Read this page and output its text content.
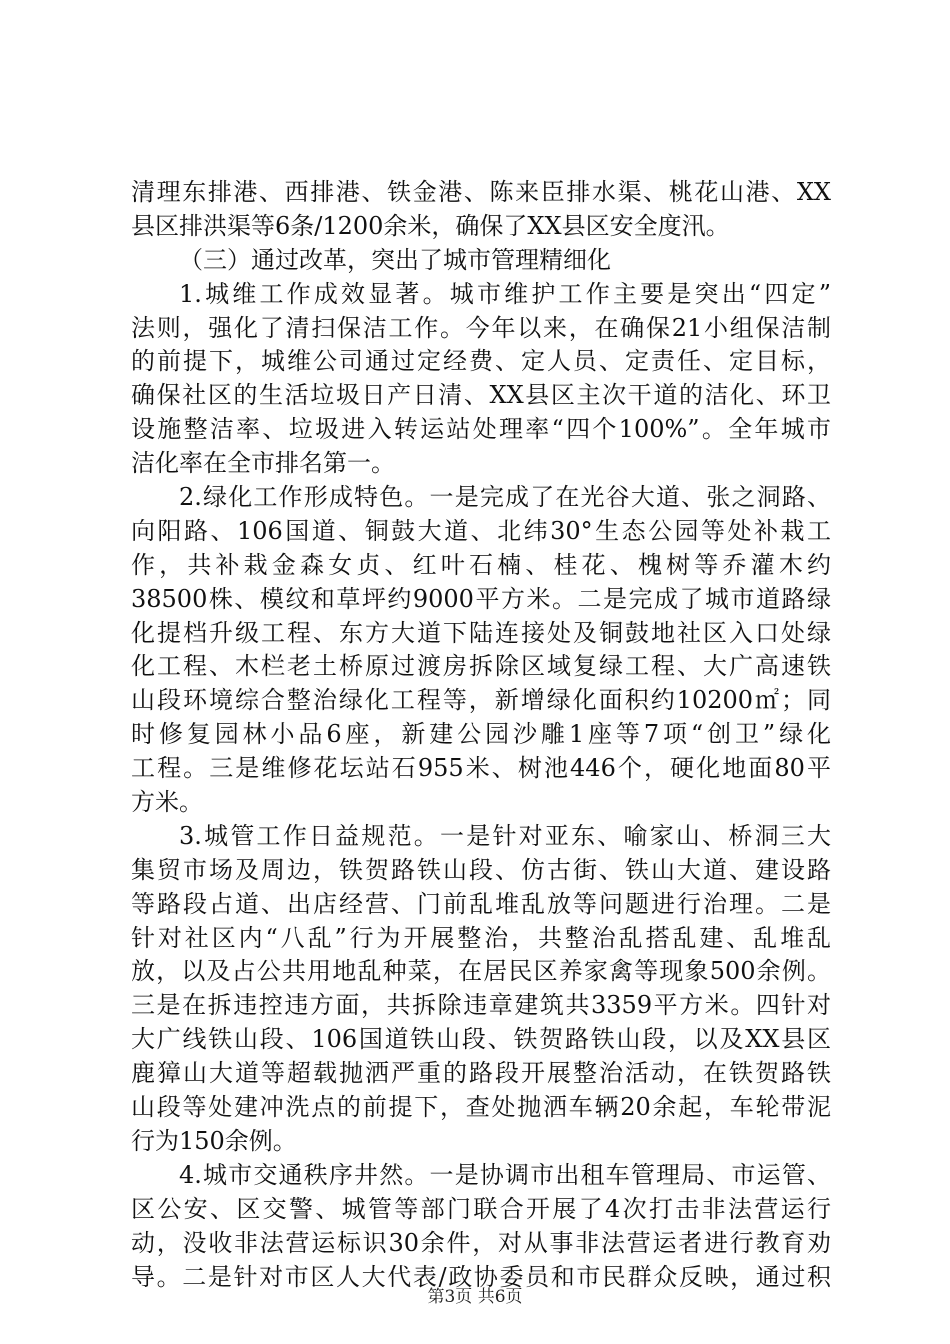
清理东排港、西排港、铁金港、陈来臣排水渠、桃花山港、XX
县区排洪渠等6条/1200余米，确保了XX县区安全度汛。
（三）通过改革，突出了城市管理精细化
1.城维工作成效显著。城市维护工作主要是突出“四定”
法则，强化了清扫保洁工作。今年以来，在确保21小组保洁制
的前提下，城维公司通过定经费、定人员、定责任、定目标，
确保社区的生活垃圾日产日清、XX县区主次干道的洁化、环卫
设施整洁率、垃圾进入转运站处理率“四个100%”。全年城市
洁化率在全市排名第一。
2.绿化工作形成特色。一是完成了在光谷大道、张之洞路、
向阳路、106国道、铜鼓大道、北纬30°生态公园等处补栽工
作，共补栽金森女贞、红叶石楠、桂花、槐树等乔灌木约
38500株、模纹和草坪约9000平方米。二是完成了城市道路绿
化提档升级工程、东方大道下陆连接处及铜鼓地社区入口处绿
化工程、木栏老土桥原过渡房拆除区域复绿工程、大广高速铁
山段环境综合整治绿化工程等，新增绿化面积约10200㎡；同
时修复园林小品6座，新建公园沙雕1座等7项“创卫”绿化
工程。三是维修花坛站石955米、树池446个，硬化地面80平
方米。
3.城管工作日益规范。一是针对亚东、喻家山、桥洞三大
集贸市场及周边，铁贺路铁山段、仿古街、铁山大道、建设路
等路段占道、出店经营、门前乱堆乱放等问题进行治理。二是
针对社区内“八乱”行为开展整治，共整治乱搭乱建、乱堆乱
放，以及占公共用地乱种菜，在居民区养家禽等现象500余例。
三是在拆违控违方面，共拆除违章建筑共3359平方米。四针对
大广线铁山段、106国道铁山段、铁贺路铁山段，以及XX县区
鹿獐山大道等超载抛洒严重的路段开展整治活动，在铁贺路铁
山段等处建冲洗点的前提下，查处抛洒车辆20余起，车轮带泥
行为150余例。
4.城市交通秩序井然。一是协调市出租车管理局、市运管、
区公安、区交警、城管等部门联合开展了4次打击非法营运行
动，没收非法营运标识30余件，对从事非法营运者进行教育劝
导。二是针对市区人大代表/政协委员和市民群众反映，通过积
第3页 共6页
